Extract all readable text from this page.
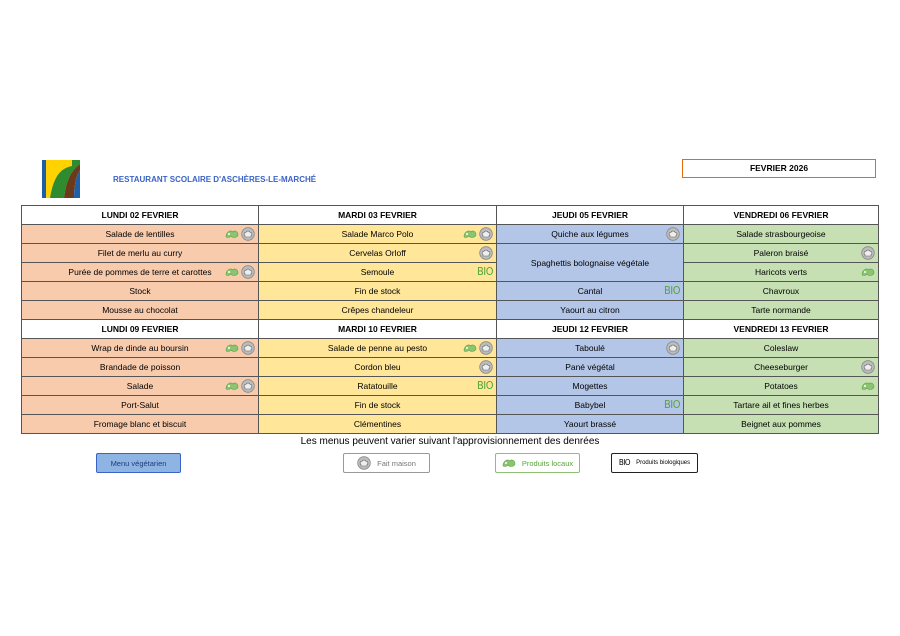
RESTAURANT SCOLAIRE D'ASCHÈRES-LE-MARCHÉ
FEVRIER 2026
LUNDI 02 FEVRIER	MARDI 03 FEVRIER	JEUDI 05 FEVRIER	VENDREDI 06 FEVRIER
Salade de lentilles	Salade Marco Polo	Quiche aux légumes	Salade strasbourgeoise
Filet de merlu au curry	Cervelas Orloff	Spaghettis bolognaise végétale	Paleron braisé

Purée de pommes de terre et carottes	Semoule BIO		Haricots verts

Stock	Fin de stock	Cantal BIO	Chavroux
Mousse au chocolat	Crêpes chandeleur	Yaourt au citron	Tarte normande
LUNDI 09 FEVRIER	MARDI 10 FEVRIER	JEUDI 12 FEVRIER	VENDREDI 13 FEVRIER
Wrap de dinde au boursin	Salade de penne au pesto	Taboulé	Coleslaw
Brandade de poisson	Cordon bleu	Pané végétal	Cheeseburger

Salade	Ratatouille BIO	Mogettes	Potatoes

Port-Salut	Fin de stock	Babybel BIO	Tartare ail et fines herbes
Fromage blanc et biscuit	Clémentines	Yaourt brassé	Beignet aux pommes
Les menus peuvent varier suivant l'approvisionnement des denrées
Menu végétarien	Fait maison	Produits locaux	BIO Produits biologiques
